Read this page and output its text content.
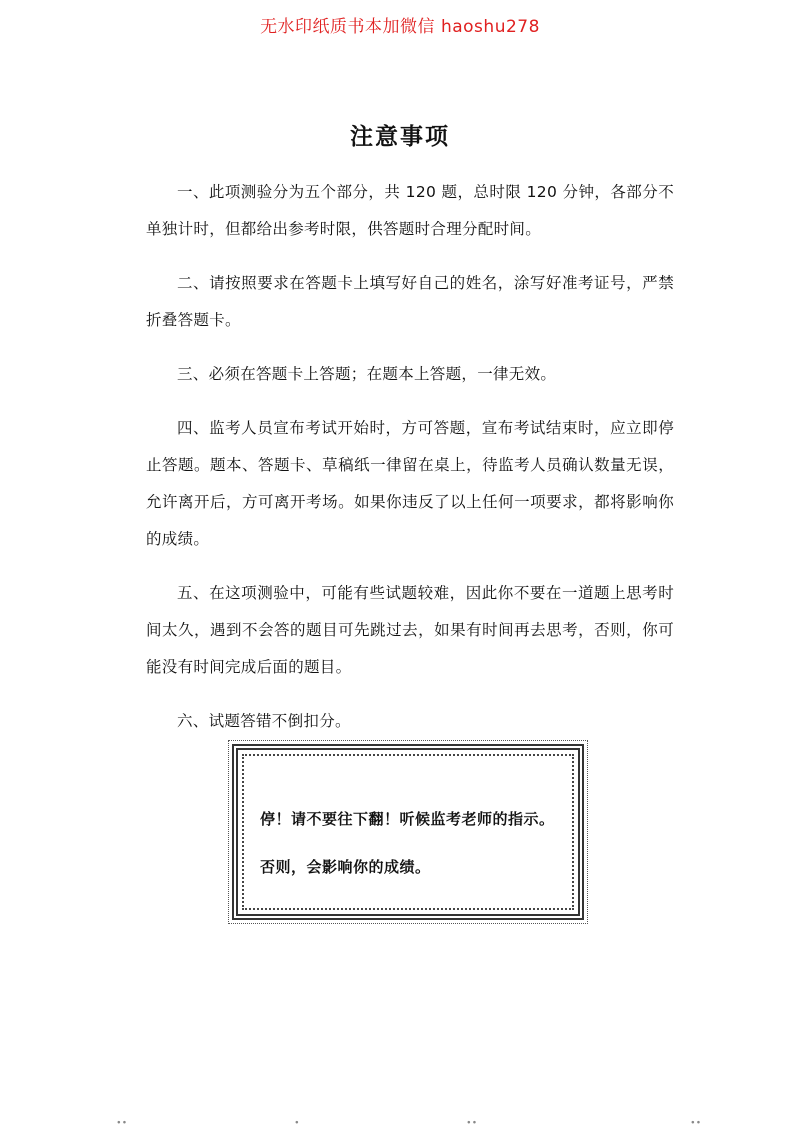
无水印纸质书本加微信 haoshu278
注意事项

一、此项测验分为五个部分，共 120 题，总时限 120 分钟，各部分不单独计时，但都给出参考时限，供答题时合理分配时间。

二、请按照要求在答题卡上填写好自己的姓名，涂写好准考证号，严禁折叠答题卡。

三、必须在答题卡上答题；在题本上答题，一律无效。

四、监考人员宣布考试开始时，方可答题，宣布考试结束时，应立即停止答题。题本、答题卡、草稿纸一律留在桌上，待监考人员确认数量无误，允许离开后，方可离开考场。如果你违反了以上任何一项要求，都将影响你的成绩。

五、在这项测验中，可能有些试题较难，因此你不要在一道题上思考时间太久，遇到不会答的题目可先跳过去，如果有时间再去思考，否则，你可能没有时间完成后面的题目。

六、试题答错不倒扣分。

停！请不要往下翻！听候监考老师的指示。
否则，会影响你的成绩。
∙∙	∙	∙∙	∙∙
